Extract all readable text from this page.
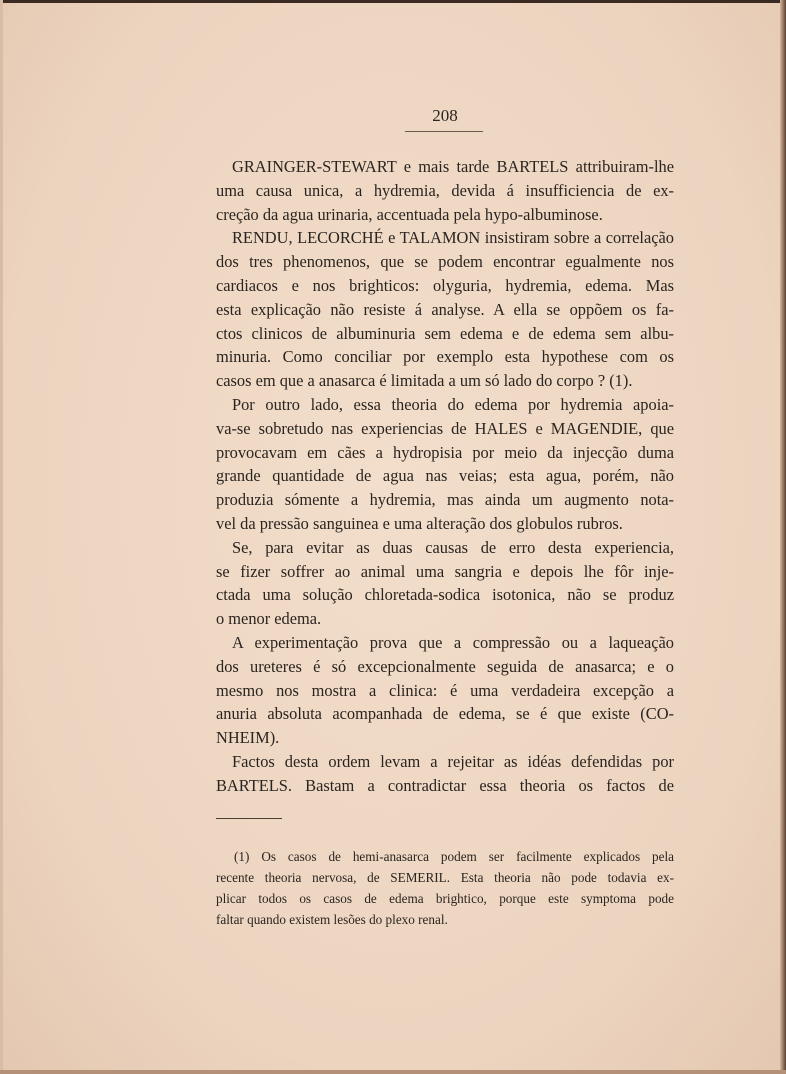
208
GRAINGER-STEWART e mais tarde BARTELS attribuiram-lhe
uma causa unica, a hydremia, devida á insufficiencia de ex-
creção da agua urinaria, accentuada pela hypo-albuminose.
RENDU, LECORCHÉ e TALAMON insistiram sobre a correlação
dos tres phenomenos, que se podem encontrar egualmente nos
cardiacos e nos brighticos: olyguria, hydremia, edema. Mas
esta explicação não resiste á analyse. A ella se oppõem os fa-
ctos clinicos de albuminuria sem edema e de edema sem albu-
minuria. Como conciliar por exemplo esta hypothese com os
casos em que a anasarca é limitada a um só lado do corpo ? (1).
Por outro lado, essa theoria do edema por hydremia apoia-
va-se sobretudo nas experiencias de HALES e MAGENDIE, que
provocavam em cães a hydropisia por meio da injecção duma
grande quantidade de agua nas veias; esta agua, porém, não
produzia sómente a hydremia, mas ainda um augmento nota-
vel da pressão sanguinea e uma alteração dos globulos rubros.
Se, para evitar as duas causas de erro desta experiencia,
se fizer soffrer ao animal uma sangria e depois lhe fôr inje-
ctada uma solução chloretada-sodica isotonica, não se produz
o menor edema.
A experimentação prova que a compressão ou a laqueação
dos ureteres é só excepcionalmente seguida de anasarca; e o
mesmo nos mostra a clinica: é uma verdadeira excepção a
anuria absoluta acompanhada de edema, se é que existe (CO-
NHEIM).
Factos desta ordem levam a rejeitar as idéas defendidas por
BARTELS. Bastam a contradictar essa theoria os factos de
(1) Os casos de hemi-anasarca podem ser facilmente explicados pela
recente theoria nervosa, de SEMERIL. Esta theoria não pode todavia ex-
plicar todos os casos de edema brightico, porque este symptoma pode
faltar quando existem lesões do plexo renal.
